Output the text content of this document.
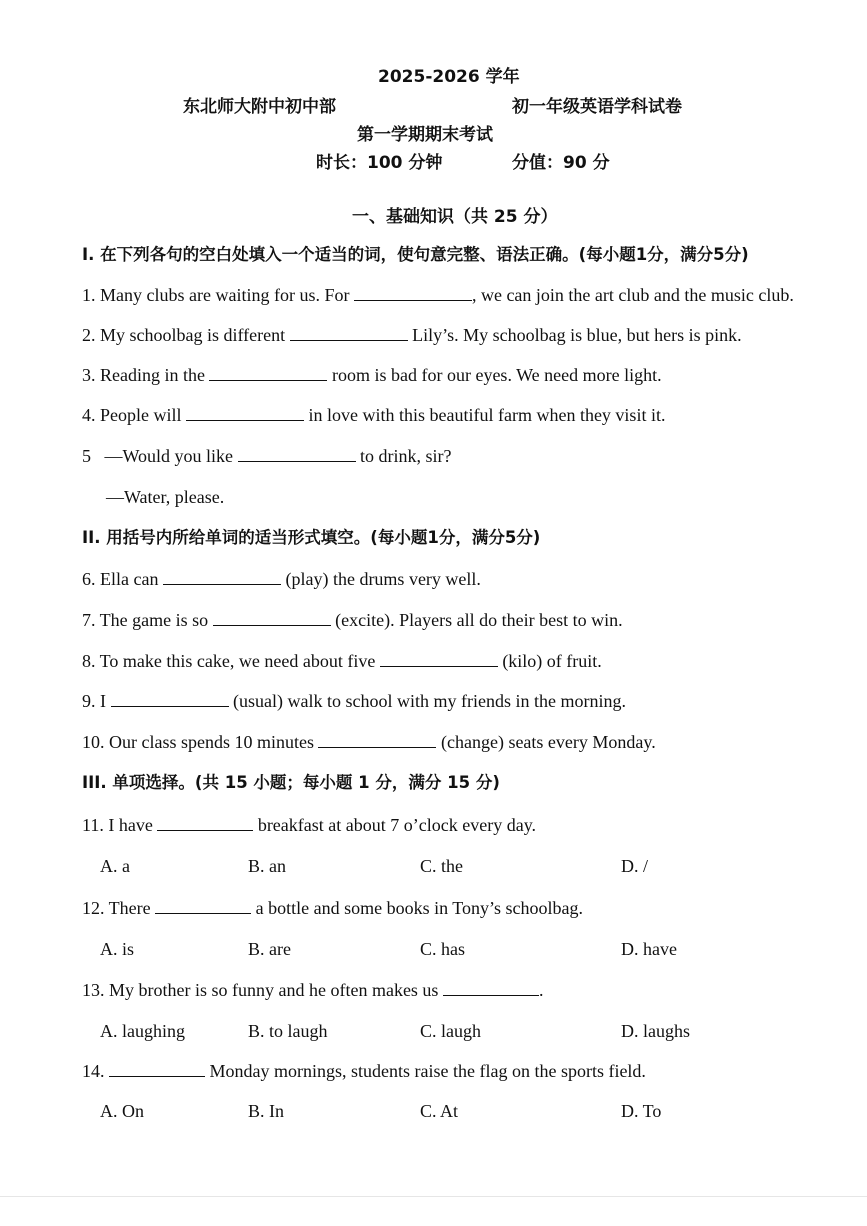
2025-2026 学年
东北师大附中初中部	初一年级英语学科试卷
第一学期期末考试
时长：100 分钟	分值：90 分
一、基础知识（共 25 分）
I. 在下列各句的空白处填入一个适当的词，使句意完整、语法正确。(每小题1分，满分5分)
1. Many clubs are waiting for us. For	, we can join the art club and the music club.
2. My schoolbag is different	Lily’s. My schoolbag is blue, but hers is pink.
3. Reading in the	room is bad for our eyes. We need more light.
4. People will	in love with this beautiful farm when they visit it.
5   —Would you like	to drink, sir?
—Water, please.
II. 用括号内所给单词的适当形式填空。(每小题1分，满分5分)
6. Ella can	(play) the drums very well.
7. The game is so	(excite). Players all do their best to win.
8. To make this cake, we need about five	(kilo) of fruit.
9. I	(usual) walk to school with my friends in the morning.
10. Our class spends 10 minutes	(change) seats every Monday.
III. 单项选择。(共 15 小题；每小题 1 分，满分 15 分)
11. I have	breakfast at about 7 o’clock every day.
A. a	B. an	C. the	D. /
12. There	a bottle and some books in Tony’s schoolbag.
A. is	B. are	C. has	D. have
13. My brother is so funny and he often makes us	.
A. laughing	B. to laugh	C. laugh	D. laughs
14.	Monday mornings, students raise the flag on the sports field.
A. On	B. In	C. At	D. To
